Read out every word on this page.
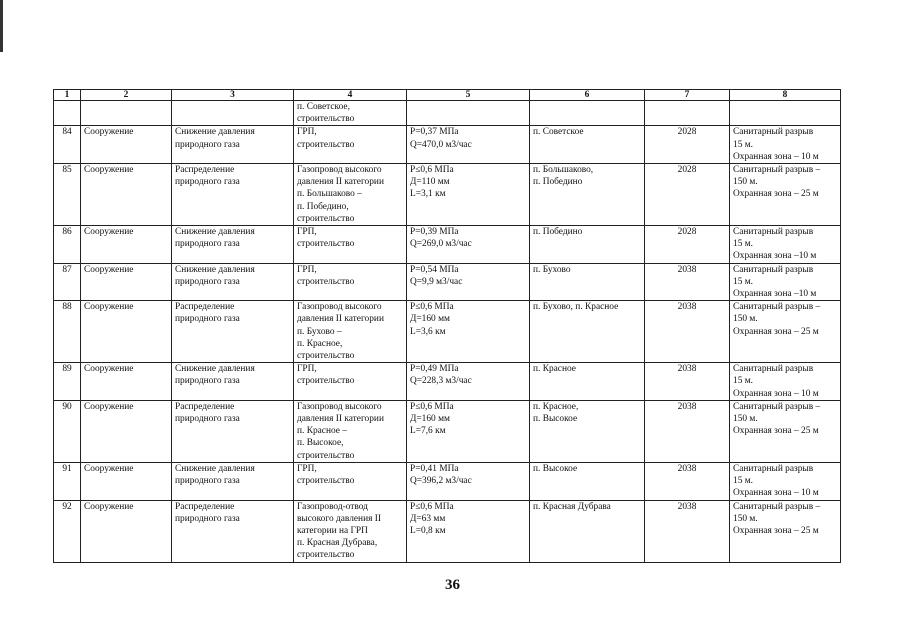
1	2	3	4	5	6	7	8

			п. Советское,
строительство				

84	Сооружение	Снижение давления
природного газа	ГРП,
строительство	Р=0,37 МПа
Q=470,0 м3/час	п. Советское	2028	Санитарный разрыв
15 м.
Охранная зона – 10 м

85	Сооружение	Распределение
природного газа	Газопровод высокого
давления II категории
п. Большаково –
п. Победино,
строительство	Р≤0,6 МПа
Д=110 мм
L=3,1 км	п. Большаково,
п. Победино	2028	Санитарный разрыв –
150 м.
Охранная зона – 25 м

86	Сооружение	Снижение давления
природного газа	ГРП,
строительство	Р=0,39 МПа
Q=269,0 м3/час	п. Победино	2028	Санитарный разрыв
15 м.
Охранная зона –10 м

87	Сооружение	Снижение давления
природного газа	ГРП,
строительство	Р=0,54 МПа
Q=9,9 м3/час	п. Бухово	2038	Санитарный разрыв
15 м.
Охранная зона –10 м

88	Сооружение	Распределение
природного газа	Газопровод высокого
давления II категории
п. Бухово –
п. Красное,
строительство	Р≤0,6 МПа
Д=160 мм
L=3,6 км	п. Бухово, п. Красное	2038	Санитарный разрыв –
150 м.
Охранная зона – 25 м

89	Сооружение	Снижение давления
природного газа	ГРП,
строительство	Р=0,49 МПа
Q=228,3 м3/час	п. Красное	2038	Санитарный разрыв
15 м.
Охранная зона – 10 м

90	Сооружение	Распределение
природного газа	Газопровод высокого
давления II категории
п. Красное –
п. Высокое,
строительство	Р≤0,6 МПа
Д=160 мм
L=7,6 км	п. Красное,
п. Высокое	2038	Санитарный разрыв –
150 м.
Охранная зона – 25 м

91	Сооружение	Снижение давления
природного газа	ГРП,
строительство	Р=0,41 МПа
Q=396,2 м3/час	п. Высокое	2038	Санитарный разрыв
15 м.
Охранная зона – 10 м

92	Сооружение	Распределение
природного газа	Газопровод-отвод
высокого давления II
категории на ГРП
п. Красная Дубрава,
строительство	Р≤0,6 МПа
Д=63 мм
L=0,8 км	п. Красная Дубрава	2038	Санитарный разрыв –
150 м.
Охранная зона – 25 м
36
